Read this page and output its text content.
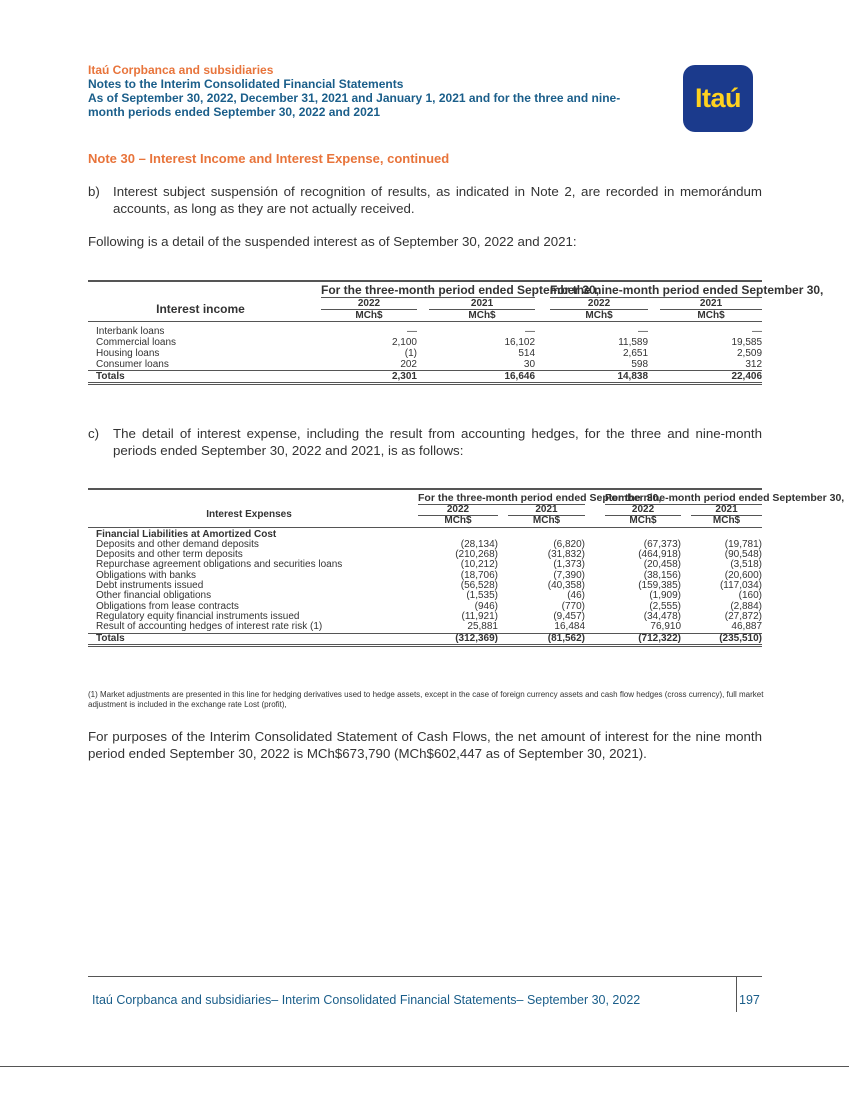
Itaú Corpbanca and subsidiaries
Notes to the Interim Consolidated Financial Statements
As of September 30, 2022, December 31, 2021 and January 1, 2021 and for the three and nine-
month periods ended September 30, 2022 and 2021	Itaú
Note 30 – Interest Income and Interest Expense, continued
b) Interest subject suspensión of recognition of results, as indicated in Note 2, are recorded in memorándum accounts, as long as they are not actually received.
Following is a detail of the suspended interest as of September 30, 2022 and 2021:
		For the three-month period ended September 30,				For the nine-month period ended September 30,		
Interest income		2022		2021		2022		2021
		MCh$		MCh$		MCh$		MCh$

Interbank loans		—		—		—		—
Commercial loans		2,100		16,102		11,589		19,585
Housing loans		(1)		514		2,651		2,509
Consumer loans		202		30		598		312
Totals		2,301		16,646		14,838		22,406
c)	The detail of interest expense, including the result from accounting hedges, for the three and nine-month periods ended September 30, 2022 and 2021, is as follows:
		For the three-month period ended September 30,				For the nine-month period ended September 30,		
Interest Expenses		2022		2021		2022		2021
		MCh$		MCh$		MCh$		MCh$
Financial Liabilities at Amortized Cost								
Deposits and other demand deposits		(28,134)		(6,820)		(67,373)		(19,781)
Deposits and other term deposits		(210,268)		(31,832)		(464,918)		(90,548)
Repurchase agreement obligations and securities loans		(10,212)		(1,373)		(20,458)		(3,518)
Obligations with banks		(18,706)		(7,390)		(38,156)		(20,600)
Debt instruments issued		(56,528)		(40,358)		(159,385)		(117,034)
Other financial obligations		(1,535)		(46)		(1,909)		(160)
Obligations from lease contracts		(946)		(770)		(2,555)		(2,884)
Regulatory equity financial instruments issued		(11,921)		(9,457)		(34,478)		(27,872)
Result of accounting hedges of interest rate risk (1)		25,881		16,484		76,910		46,887
Totals		(312,369)		(81,562)		(712,322)		(235,510)
(1) Market adjustments are presented in this line for hedging derivatives used to hedge assets, except in the case of foreign currency assets and cash flow hedges (cross currency), full market adjustment is included in the exchange rate Lost (profit),
For purposes of the Interim Consolidated Statement of Cash Flows, the net amount of interest for the nine month period ended September 30, 2022 is MCh$673,790 (MCh$602,447 as of September 30, 2021).
Itaú Corpbanca and subsidiaries– Interim Consolidated Financial Statements– September 30, 2022	197
